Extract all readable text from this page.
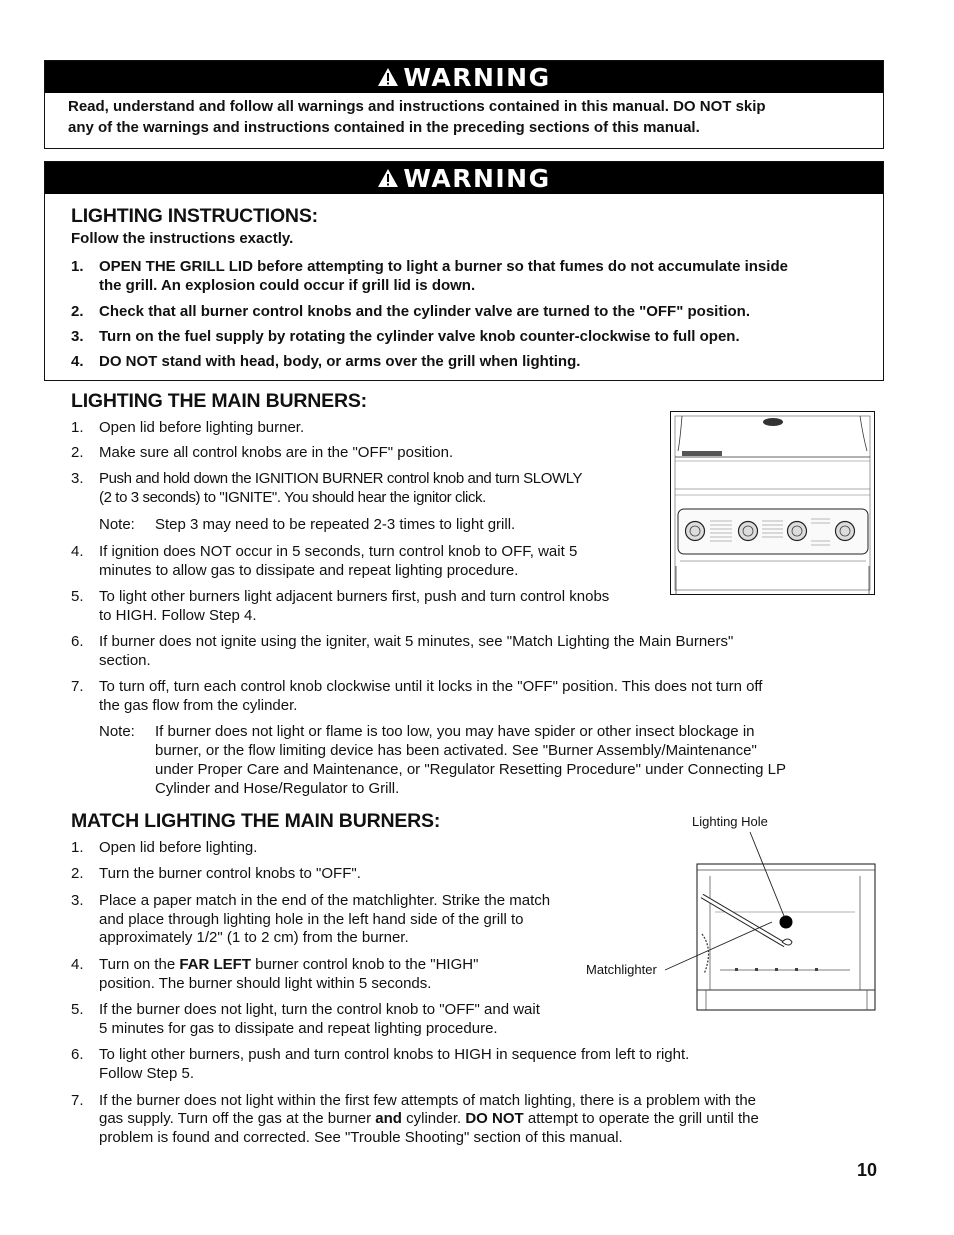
WARNING
Read, understand and follow all warnings and instructions contained in this manual. DO NOT skip
any of the warnings and instructions contained in the preceding sections of this manual.
WARNING
LIGHTING INSTRUCTIONS:
Follow the instructions exactly.
1. OPEN THE GRILL LID before attempting to light a burner so that fumes do not accumulate inside
the grill. An explosion could occur if grill lid is down.
2. Check that all burner control knobs and the cylinder valve are turned to the "OFF" position.
3. Turn on the fuel supply by rotating the cylinder valve knob counter-clockwise to full open.
4. DO NOT stand with head, body, or arms over the grill when lighting.
LIGHTING THE MAIN BURNERS:
1. Open lid before lighting burner.
2. Make sure all control knobs are in the "OFF" position.
3. Push and hold down the IGNITION BURNER control knob and turn SLOWLY
(2 to 3 seconds) to "IGNITE". You should hear the ignitor click.
Note: Step 3 may need to be repeated 2-3 times to light grill.
4. If ignition does NOT occur in 5 seconds, turn control knob to OFF, wait 5
minutes to allow gas to dissipate and repeat lighting procedure.
5. To light other burners light adjacent burners first, push and turn control knobs
to HIGH. Follow Step 4.
6. If burner does not ignite using the igniter, wait 5 minutes, see "Match Lighting the Main Burners"
section.
7. To turn off, turn each control knob clockwise until it locks in the "OFF" position. This does not turn off
the gas flow from the cylinder.
Note: If burner does not light or flame is too low, you may have spider or other insect blockage in
burner, or the flow limiting device has been activated. See "Burner Assembly/Maintenance"
under Proper Care and Maintenance, or "Regulator Resetting Procedure" under Connecting LP
Cylinder and Hose/Regulator to Grill.
MATCH LIGHTING THE MAIN BURNERS:
1. Open lid before lighting.
2. Turn the burner control knobs to "OFF".
3. Place a paper match in the end of the matchlighter. Strike the match
and place through lighting hole in the left hand side of the grill to
approximately 1/2" (1 to 2 cm) from the burner.
4. Turn on the FAR LEFT burner control knob to the "HIGH"
position. The burner should light within 5 seconds.
5. If the burner does not light, turn the control knob to "OFF" and wait
5 minutes for gas to dissipate and repeat lighting procedure.
6. To light other burners, push and turn control knobs to HIGH in sequence from left to right.
Follow Step 5.
7. If the burner does not light within the first few attempts of match lighting, there is a problem with the
gas supply. Turn off the gas at the burner and cylinder. DO NOT attempt to operate the grill until the
problem is found and corrected. See "Trouble Shooting" section of this manual.
Lighting Hole
Matchlighter
10
